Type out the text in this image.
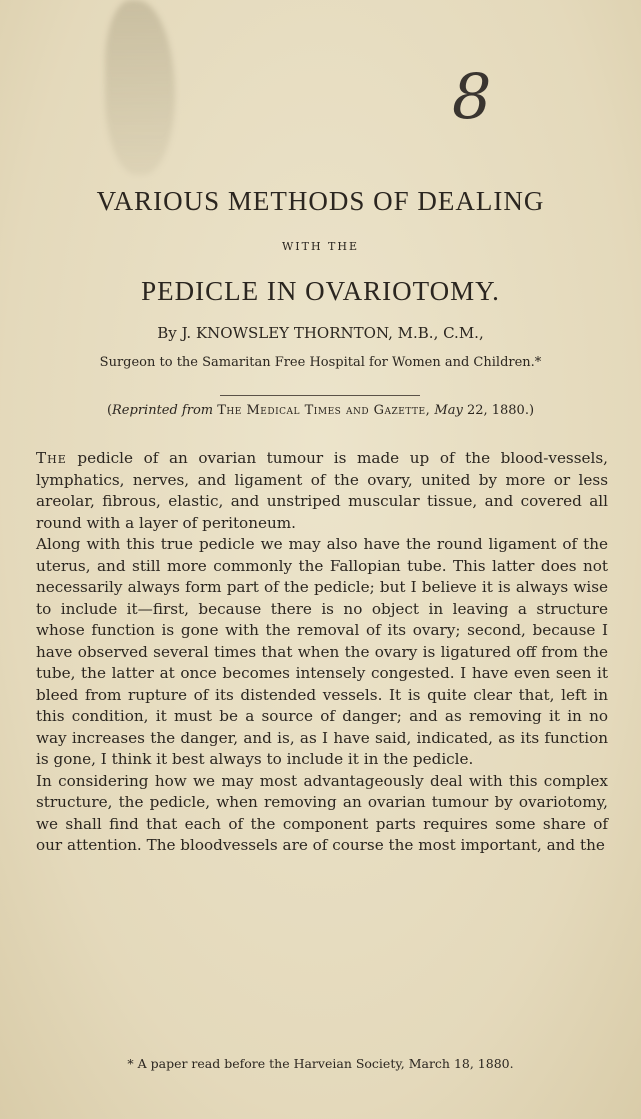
8
VARIOUS METHODS OF DEALING
WITH THE
PEDICLE IN OVARIOTOMY.
By J. KNOWSLEY THORNTON, M.B., C.M.,
Surgeon to the Samaritan Free Hospital for Women and Children.*
(Reprinted from The Medical Times and Gazette, May 22, 1880.)

The pedicle of an ovarian tumour is made up of the blood-vessels, lymphatics, nerves, and ligament of the ovary, united by more or less areolar, fibrous, elastic, and unstriped muscular tissue, and covered all round with a layer of peritoneum.

Along with this true pedicle we may also have the round ligament of the uterus, and still more commonly the Fallopian tube. This latter does not necessarily always form part of the pedicle; but I believe it is always wise to include it—first, because there is no object in leaving a structure whose function is gone with the removal of its ovary; second, because I have observed several times that when the ovary is ligatured off from the tube, the latter at once becomes intensely congested. I have even seen it bleed from rupture of its distended vessels. It is quite clear that, left in this condition, it must be a source of danger; and as removing it in no way increases the danger, and is, as I have said, indicated, as its function is gone, I think it best always to include it in the pedicle.

In considering how we may most advantageously deal with this complex structure, the pedicle, when removing an ovarian tumour by ovariotomy, we shall find that each of the component parts requires some share of our attention. The bloodvessels are of course the most important, and the

* A paper read before the Harveian Society, March 18, 1880.
